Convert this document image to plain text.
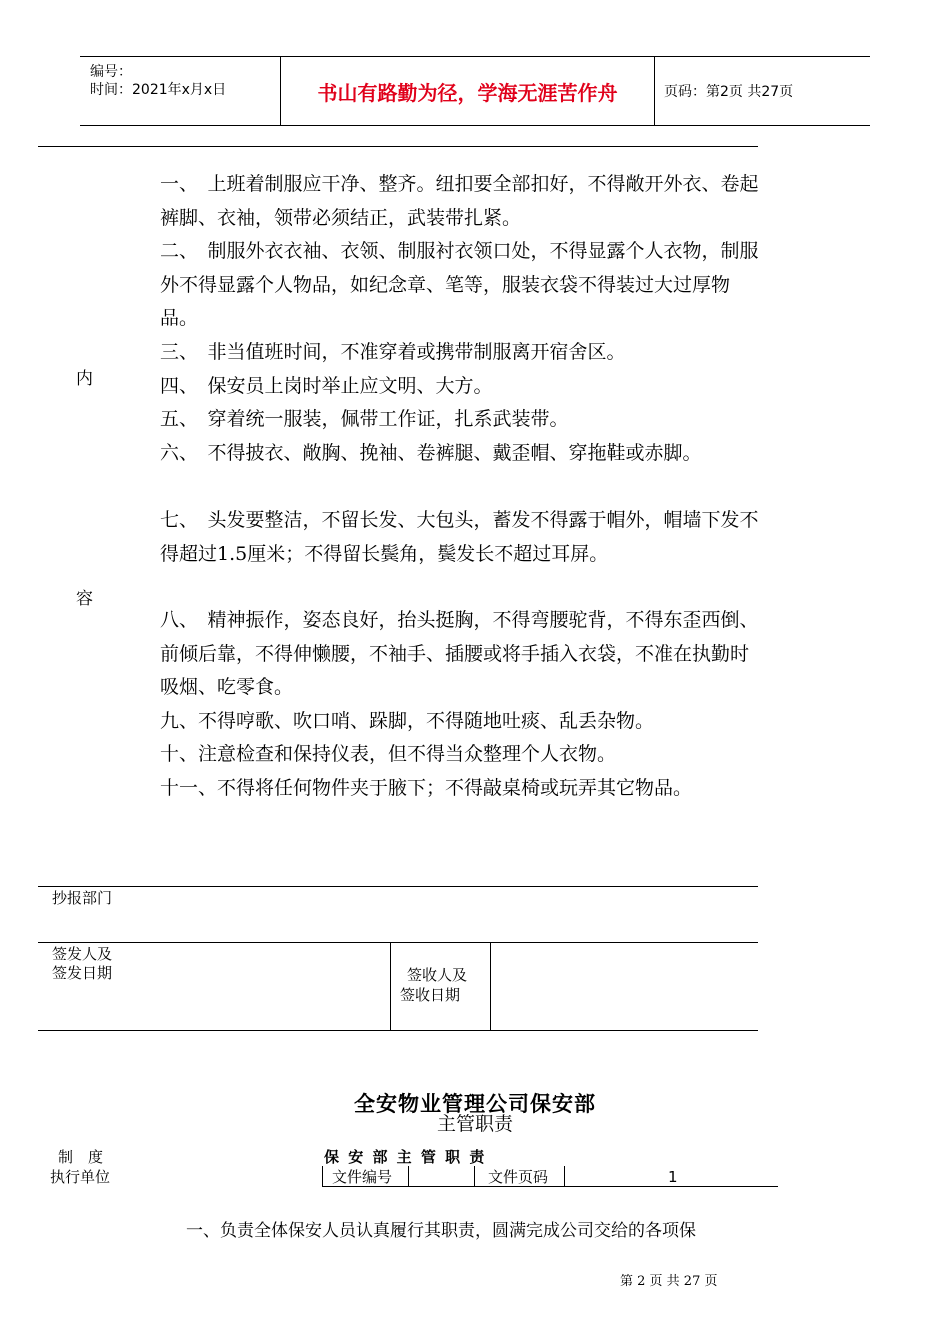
编号：
时间：2021年x月x日	书山有路勤为径，学海无涯苦作舟	页码：第2页 共27页
内
容
一、　上班着制服应干净、整齐。纽扣要全部扣好，不得敞开外衣、卷起裤脚、衣袖，领带必须结正，武装带扎紧。
二、　制服外衣衣袖、衣领、制服衬衣领口处，不得显露个人衣物，制服外不得显露个人物品，如纪念章、笔等，服装衣袋不得装过大过厚物品。
三、　非当值班时间，不准穿着或携带制服离开宿舍区。
四、　保安员上岗时举止应文明、大方。
五、　穿着统一服装，佩带工作证，扎系武装带。
六、　不得披衣、敞胸、挽袖、卷裤腿、戴歪帽、穿拖鞋或赤脚。
七、　头发要整洁，不留长发、大包头，蓄发不得露于帽外，帽墙下发不得超过1.5厘米；不得留长鬓角，鬓发长不超过耳屏。
八、　精神振作，姿态良好，抬头挺胸，不得弯腰驼背，不得东歪西倒、前倾后靠，不得伸懒腰，不袖手、插腰或将手插入衣袋，不准在执勤时吸烟、吃零食。
九、不得哼歌、吹口哨、跺脚，不得随地吐痰、乱丢杂物。
十、注意检查和保持仪表，但不得当众整理个人衣物。
十一、不得将任何物件夹于腋下；不得敲桌椅或玩弄其它物品。
抄报部门
签发人及
签发日期	签收人及
签收日期
全安物业管理公司保安部
主管职责
制　度
执行单位
保 安 部 主 管 职 责
文件编号	文件页码	1
一、负责全体保安人员认真履行其职责，圆满完成公司交给的各项保
第 2 页 共 27 页
